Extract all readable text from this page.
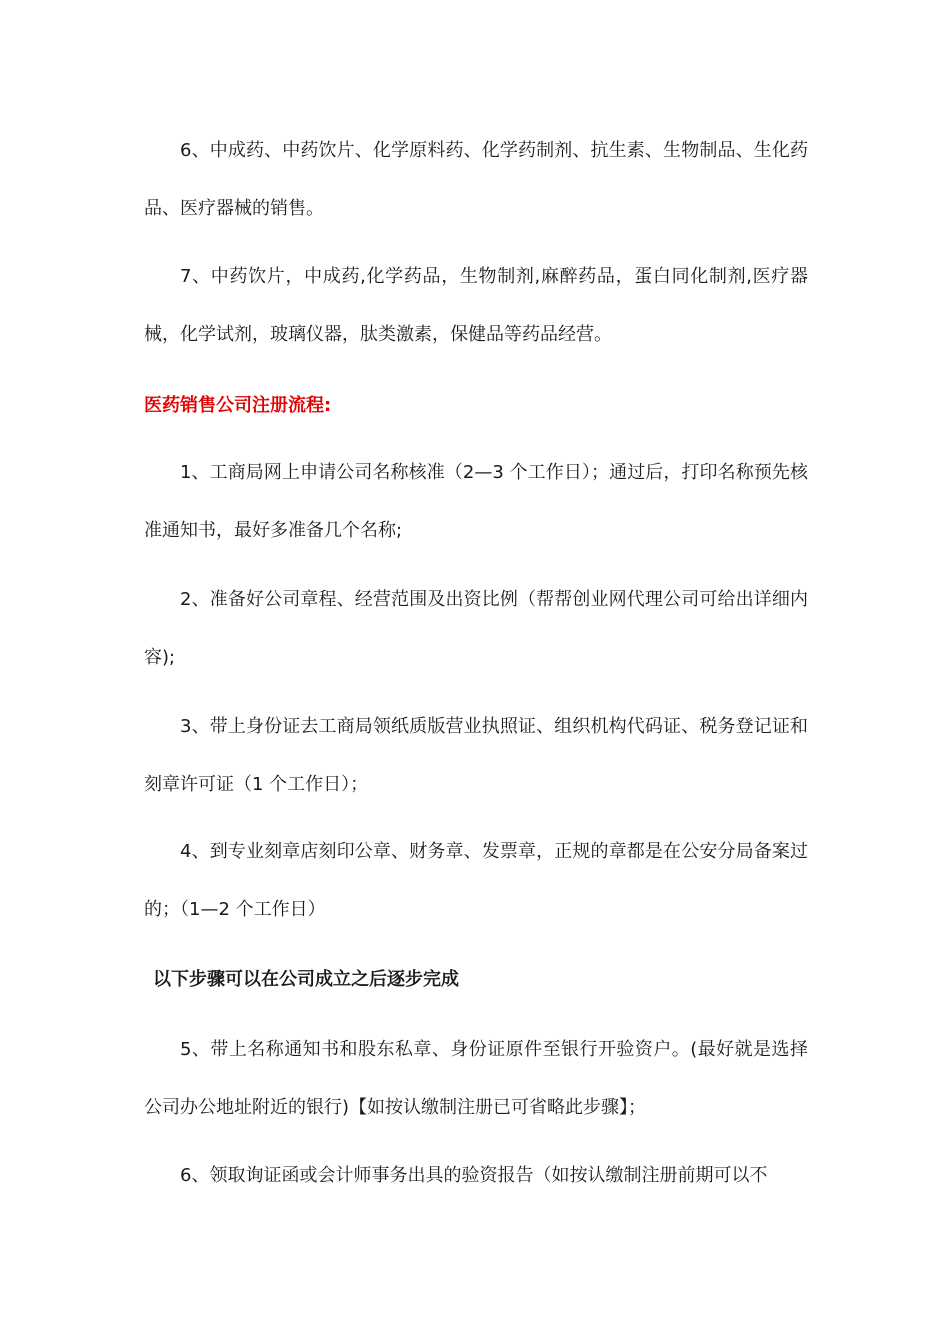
6、中成药、中药饮片、化学原料药、化学药制剂、抗生素、生物制品、生化药品、医疗器械的销售。

7、中药饮片，中成药,化学药品，生物制剂,麻醉药品，蛋白同化制剂,医疗器械，化学试剂，玻璃仪器，肽类激素，保健品等药品经营。

医药销售公司注册流程:

1、工商局网上申请公司名称核准（2—3 个工作日）；通过后，打印名称预先核准通知书，最好多准备几个名称;

2、准备好公司章程、经营范围及出资比例（帮帮创业网代理公司可给出详细内容);

3、带上身份证去工商局领纸质版营业执照证、组织机构代码证、税务登记证和刻章许可证（1 个工作日）；

4、到专业刻章店刻印公章、财务章、发票章，正规的章都是在公安分局备案过的；（1—2 个工作日）

以下步骤可以在公司成立之后逐步完成

5、带上名称通知书和股东私章、身份证原件至银行开验资户。(最好就是选择公司办公地址附近的银行)【如按认缴制注册已可省略此步骤】；

6、领取询证函或会计师事务出具的验资报告（如按认缴制注册前期可以不
